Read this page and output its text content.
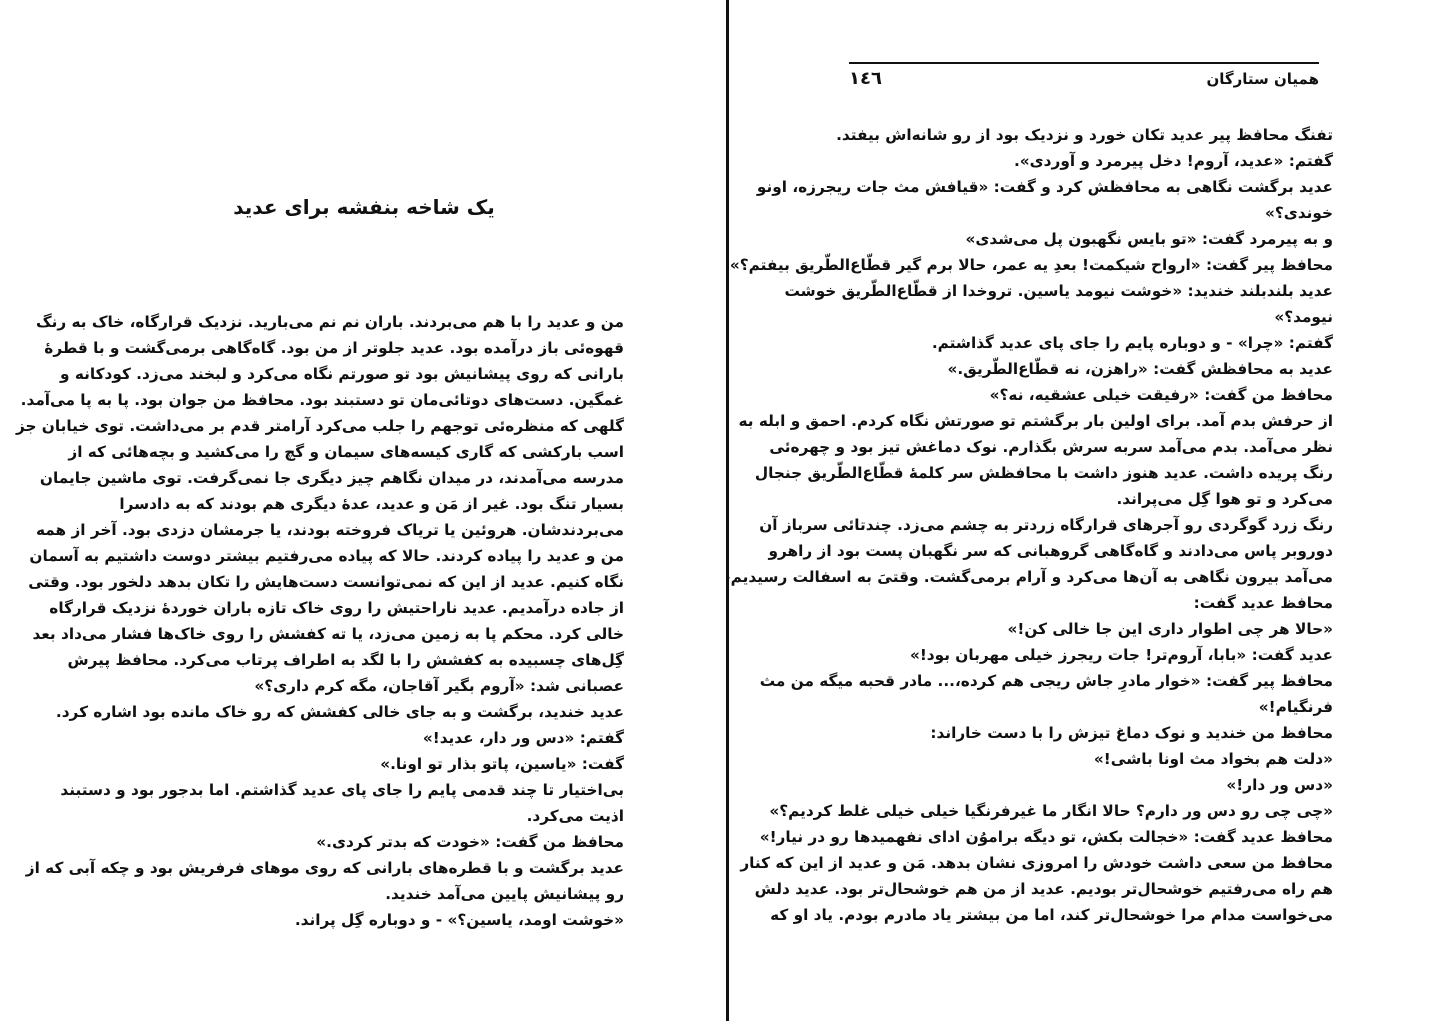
یک شاخه بنفشه برای عدید

من و عدید را با هم می‌بردند. باران نم نم می‌بارید. نزدیک قرارگاه، خاک به رنگ

قهوه‌ئی باز درآمده بود. عدید جلوتر از من بود. گاه‌گاهی برمی‌گشت و با قطرهٔ

بارانی که روی پیشانیش بود تو صورتم نگاه می‌کرد و لبخند می‌زد. کودکانه و

غمگین. دست‌های دوتائی‌مان تو دستبند بود. محافظ من جوان بود. پا به پا می‌آمد.

گلهی که منظره‌ئی توجهم را جلب می‌کرد آرامتر قدم بر می‌داشت. توی خیابان جز

اسب بارکشی که گاری کیسه‌های سیمان و گچ را می‌کشید و بچه‌هائی که از

مدرسه می‌آمدند، در میدان نگاهم چیز دیگری جا نمی‌گرفت. توی ماشین جایمان

بسیار تنگ بود. غیر از مَن و عدید، عدهٔ دیگری هم بودند که به دادسرا

می‌بردندشان. هروئین یا تریاک فروخته بودند، یا جرمشان دزدی بود. آخر از همه

من و عدید را پیاده کردند. حالا که پیاده می‌رفتیم بیشتر دوست داشتیم به آسمان

نگاه کنیم. عدید از این که نمی‌توانست دست‌هایش را تکان بدهد دلخور بود. وقتی

از جاده درآمدیم. عدید ناراحتیش را روی خاک تازه باران خوردهٔ نزدیک قرارگاه

خالی کرد. محکم پا به زمین می‌زد، یا ته کفشش را روی خاک‌ها فشار می‌داد بعد

گِل‌های چسبیده به کفشش را با لگد به اطراف پرتاب می‌کرد. محافظ پیرش

عصبانی شد: «آروم بگیر آقاجان، مگه کرم داری؟»

عدید خندید، برگشت و به جای خالی کفشش که رو خاک مانده بود اشاره کرد.

گفتم: «دس ور دار، عدید!»

گفت: «یاسین، پاتو بذار تو اونا.»

بی‌اختیار تا چند قدمی پایم را جای پای عدید گذاشتم. اما بدجور بود و دستبند

اذیت می‌کرد.

محافظ من گفت: «خودت که بدتر کردی.»

عدید برگشت و با قطره‌های بارانی که روی موهای فرفریش بود و چکه آبی که از

رو پیشانیش پایین می‌آمد خندید.

«خوشت اومد، یاسین؟» - و دوباره گِل پراند.

همیان ستارگان
١٤٦

تفنگ محافظ پیر عدید تکان خورد و نزدیک بود از رو شانه‌اش بیفتد.

گفتم: «عدید، آروم! دخل پیرمرد و آوردی».

عدید برگشت نگاهی به محافظش کرد و گفت: «قیافش مث جات ریجرزه، اونو

خوندی؟»

و به پیرمرد گفت: «تو بایس نگهبون پل می‌شدی»

محافظ پیر گفت: «ارواح شیکمت! بعدِ یه عمر، حالا برم گیر قطّاع‌الطّریق بیفتم؟»

عدید بلندبلند خندید: «خوشت نیومد یاسین. تروخدا از قطّاع‌الطّریق خوشت

نیومد؟»

گفتم: «چرا» - و دوباره پایم را جای پای عدید گذاشتم.

عدید به محافظش گفت: «راهزن، نه قطّاع‌الطّریق.»

محافظ من گفت: «رفیقت خیلی عشقیه، نه؟»

از حرفش بدم آمد. برای اولین بار برگشتم تو صورتش نگاه کردم. احمق و ابله به

نظر می‌آمد. بدم می‌آمد سربه سرش بگذارم. نوک دماغش تیز بود و چهره‌ئی

رنگ پریده داشت. عدید هنوز داشت با محافظش سر کلمهٔ قطّاع‌الطّریق جنجال

می‌کرد و تو هوا گِل می‌پراند.

رنگ زرد گوگردی رو آجرهای قرارگاه زردتر به چشم می‌زد. چندتائی سرباز آن

دوروبر پاس می‌دادند و گاه‌گاهی گروهبانی که سر نگهبان پست بود از راهرو

می‌آمد بیرون نگاهی به آن‌ها می‌کرد و آرام برمی‌گشت. وقتیَ به اسفالت رسیدیم،

محافظ عدید گفت:

«حالا هر چی اطوار داری این جا خالی کن!»

عدید گفت: «بابا، آروم‌تر! جات ریجرز خیلی مهربان بود!»

محافظ پیر گفت: «خوار مادرِ جاش ریجی هم کرده،... مادر قحبه میگه من مث

فرنگیام!»

محافظ من خندید و نوک دماغ تیزش را با دست خاراند:

«دلت هم بخواد مث اونا باشی!»

«دس ور دار!»

«چی چی رو دس ور دارم؟ حالا انگار ما غیرفرنگیا خیلی خیلی غلط کردیم؟»

محافظ عدید گفت: «خجالت بکش، تو دیگه براموُن ادای نفهمیدها رو در نیار!»

محافظ من سعی داشت خودش را امروزی نشان بدهد. مَن و عدید از این که کنار

هم راه می‌رفتیم خوشحال‌تر بودیم. عدید از من هم خوشحال‌تر بود. عدید دلش

می‌خواست مدام مرا خوشحال‌تر کند، اما من بیشتر یاد مادرم بودم. یاد او که
